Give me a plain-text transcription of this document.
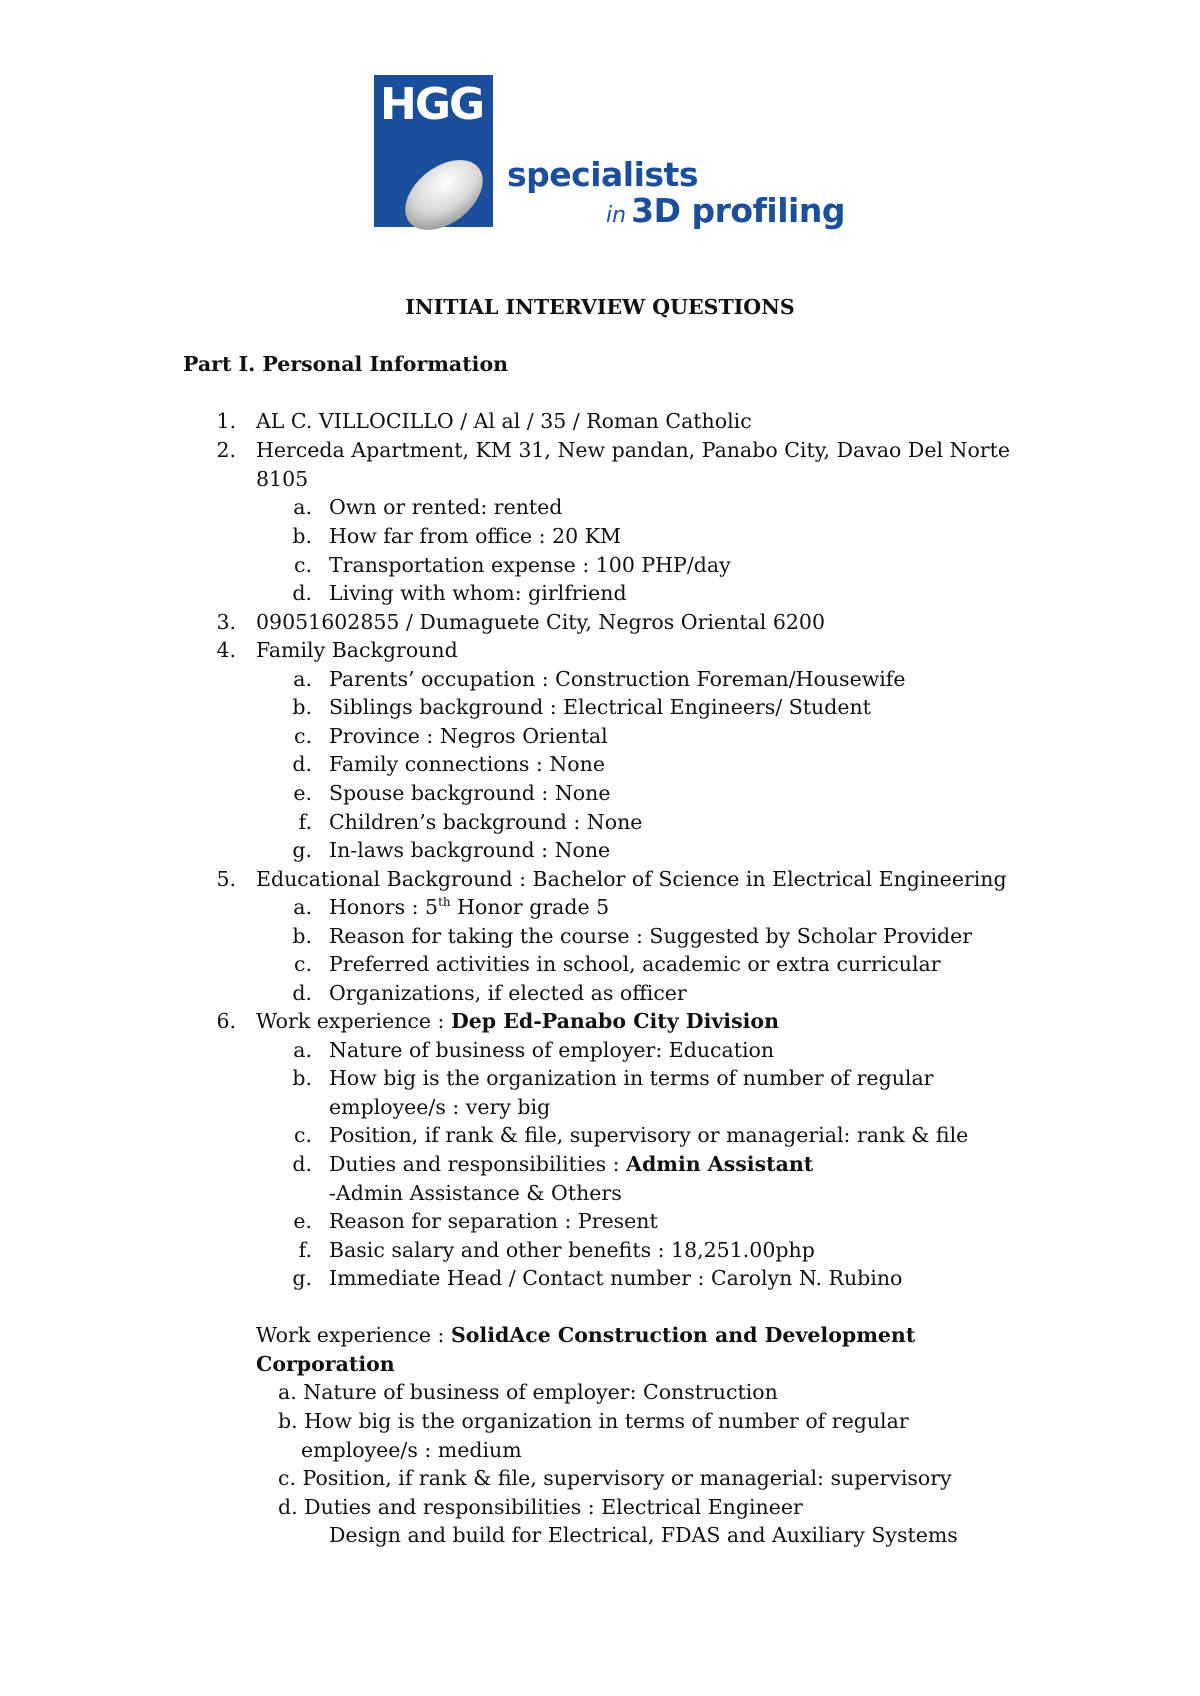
HGG
specialists
in 3D profiling
INITIAL INTERVIEW QUESTIONS
Part I. Personal Information
1. AL C. VILLOCILLO / Al al / 35 / Roman Catholic
2. Herceda Apartment, KM 31, New pandan, Panabo City, Davao Del Norte
8105
a. Own or rented: rented
b. How far from office : 20 KM
c. Transportation expense : 100 PHP/day
d. Living with whom: girlfriend
3. 09051602855 / Dumaguete City, Negros Oriental 6200
4. Family Background
a. Parents’ occupation : Construction Foreman/Housewife
b. Siblings background : Electrical Engineers/ Student
c. Province : Negros Oriental
d. Family connections : None
e. Spouse background : None
f. Children’s background : None
g. In-laws background : None
5. Educational Background : Bachelor of Science in Electrical Engineering
a. Honors : 5th Honor grade 5
b. Reason for taking the course : Suggested by Scholar Provider
c. Preferred activities in school, academic or extra curricular
d. Organizations, if elected as officer
6. Work experience : Dep Ed-Panabo City Division
a. Nature of business of employer: Education
b. How big is the organization in terms of number of regular
employee/s : very big
c. Position, if rank & file, supervisory or managerial: rank & file
d. Duties and responsibilities : Admin Assistant
-Admin Assistance & Others
e. Reason for separation : Present
f. Basic salary and other benefits : 18,251.00php
g. Immediate Head / Contact number : Carolyn N. Rubino
Work experience : SolidAce Construction and Development
Corporation
a. Nature of business of employer: Construction
b. How big is the organization in terms of number of regular
employee/s : medium
c. Position, if rank & file, supervisory or managerial: supervisory
d. Duties and responsibilities : Electrical Engineer
Design and build for Electrical, FDAS and Auxiliary Systems
